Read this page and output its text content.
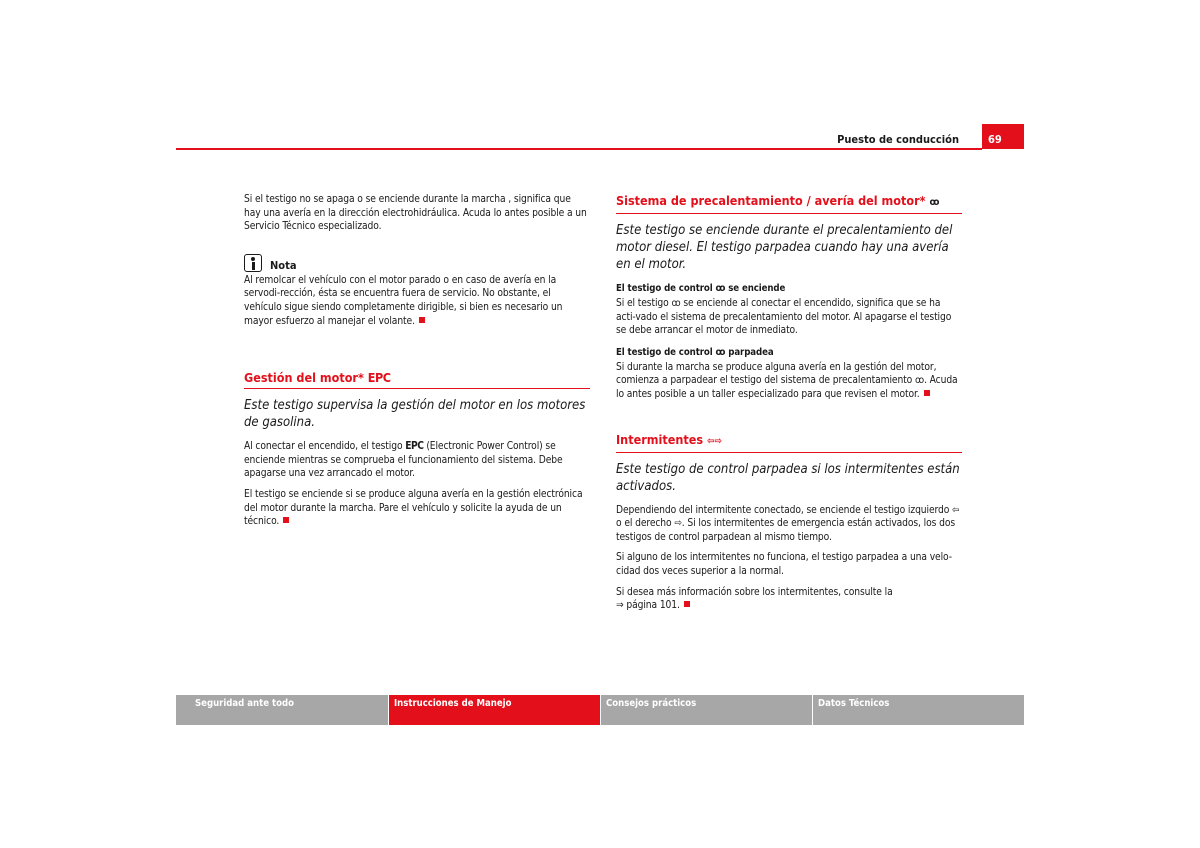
Puesto de conducción	69

Si el testigo no se apaga o se enciende durante la marcha , significa que hay una avería en la dirección electrohidráulica. Acuda lo antes posible a un Servicio Técnico especializado.

Nota

Al remolcar el vehículo con el motor parado o en caso de avería en la servodi-rección, ésta se encuentra fuera de servicio. No obstante, el vehículo sigue siendo completamente dirigible, si bien es necesario un mayor esfuerzo al manejar el volante.

Gestión del motor* EPC
Este testigo supervisa la gestión del motor en los motores de gasolina.

Al conectar el encendido, el testigo EPC (Electronic Power Control) se enciende mientras se comprueba el funcionamiento del sistema. Debe apagarse una vez arrancado el motor.

El testigo se enciende si se produce alguna avería en la gestión electrónica del motor durante la marcha. Pare el vehículo y solicite la ayuda de un técnico.

Sistema de precalentamiento / avería del motor* ꝏ
Este testigo se enciende durante el precalentamiento del motor diesel. El testigo parpadea cuando hay una avería en el motor.

El testigo de control ꝏ se enciende

Si el testigo ꝏ se enciende al conectar el encendido, significa que se ha acti-vado el sistema de precalentamiento del motor. Al apagarse el testigo se debe arrancar el motor de inmediato.

El testigo de control ꝏ parpadea

Si durante la marcha se produce alguna avería en la gestión del motor, comienza a parpadear el testigo del sistema de precalentamiento ꝏ. Acuda lo antes posible a un taller especializado para que revisen el motor.

Intermitentes ⇦⇨
Este testigo de control parpadea si los intermitentes están activados.

Dependiendo del intermitente conectado, se enciende el testigo izquierdo ⇦ o el derecho ⇨. Si los intermitentes de emergencia están activados, los dos testigos de control parpadean al mismo tiempo.

Si alguno de los intermitentes no funciona, el testigo parpadea a una velo-cidad dos veces superior a la normal.

Si desea más información sobre los intermitentes, consulte la
⇒ página 101.

Seguridad ante todo	Instrucciones de Manejo	Consejos prácticos	Datos Técnicos
